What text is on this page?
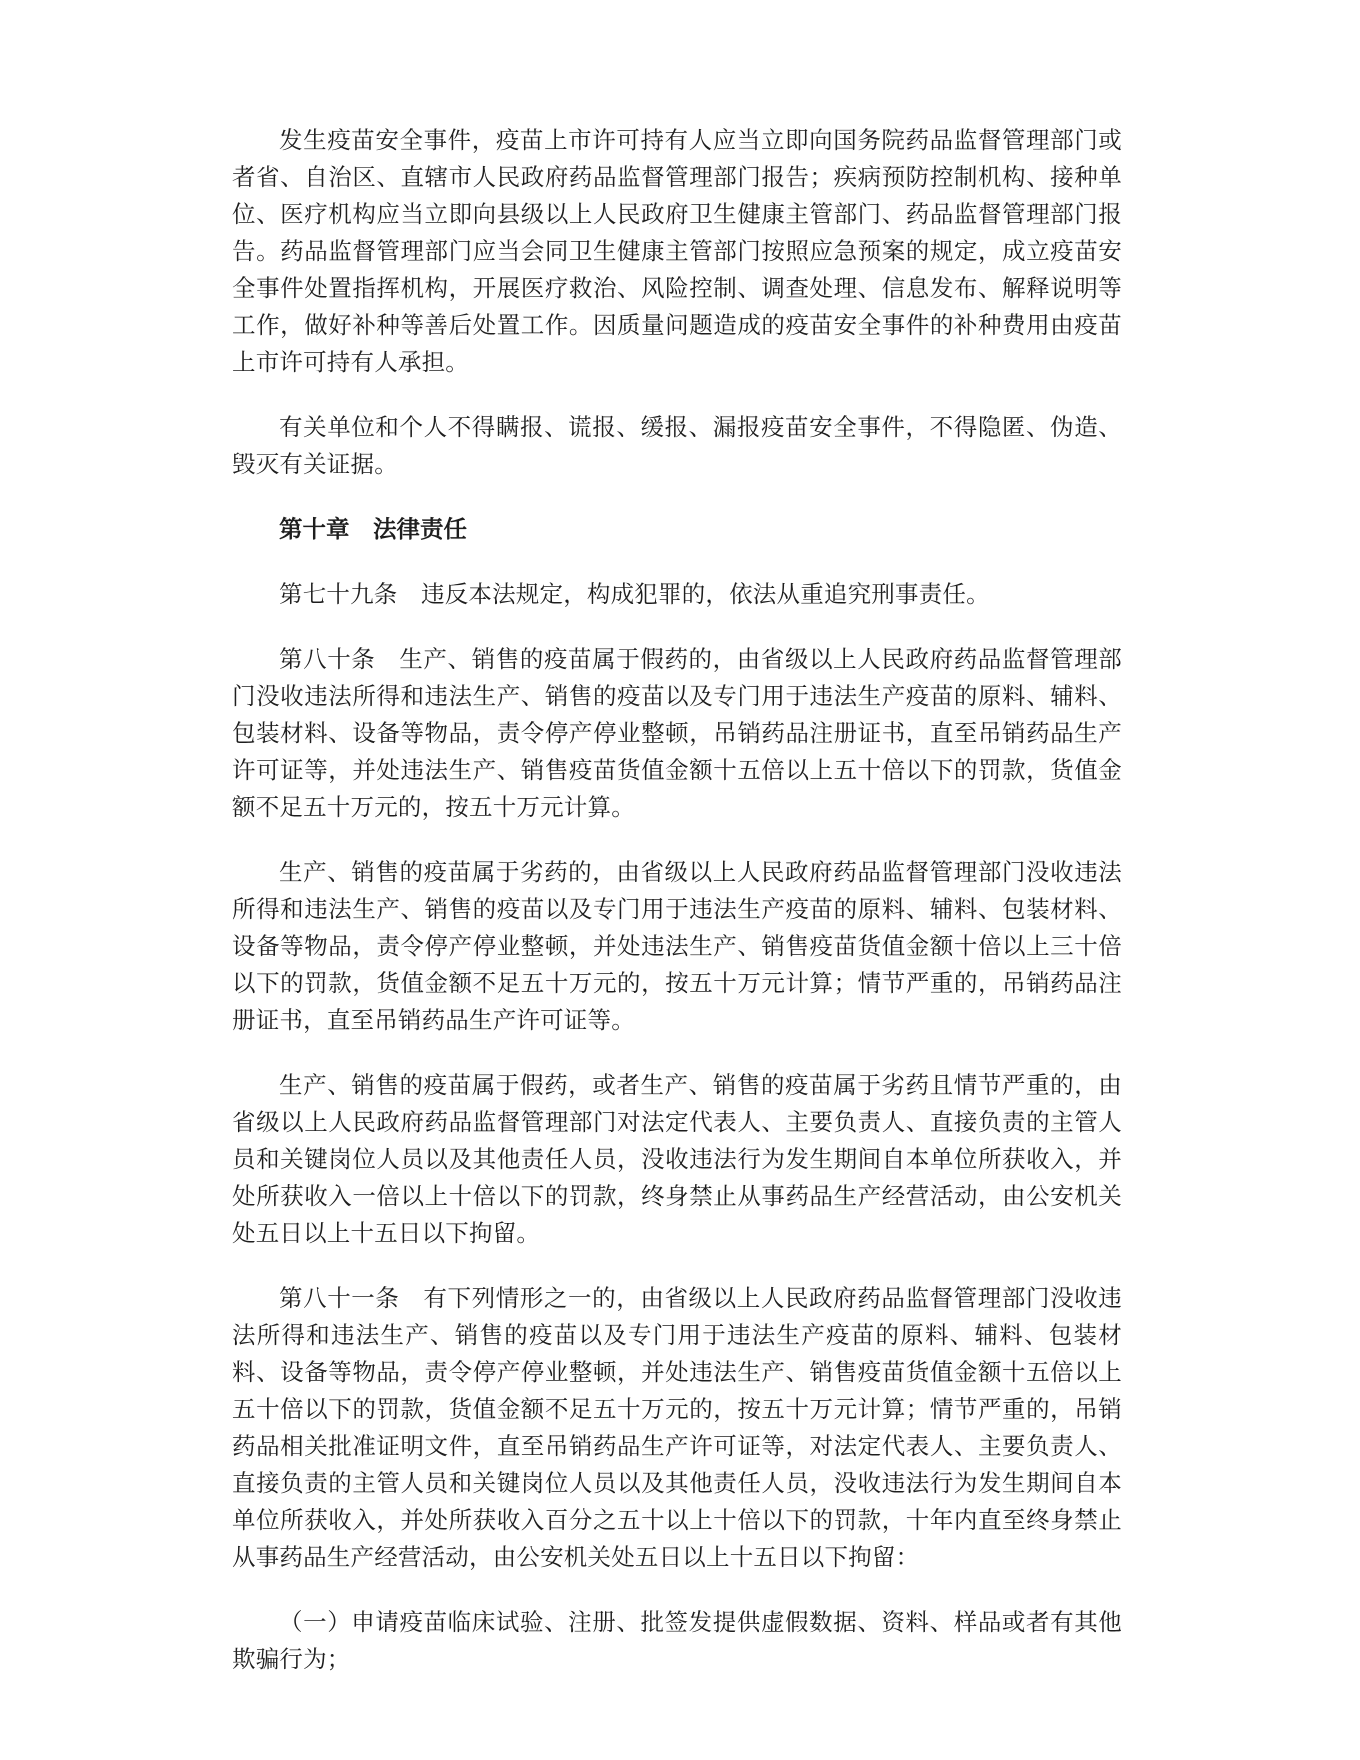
发生疫苗安全事件，疫苗上市许可持有人应当立即向国务院药品监督管理部门或者省、自治区、直辖市人民政府药品监督管理部门报告；疾病预防控制机构、接种单位、医疗机构应当立即向县级以上人民政府卫生健康主管部门、药品监督管理部门报告。药品监督管理部门应当会同卫生健康主管部门按照应急预案的规定，成立疫苗安全事件处置指挥机构，开展医疗救治、风险控制、调查处理、信息发布、解释说明等工作，做好补种等善后处置工作。因质量问题造成的疫苗安全事件的补种费用由疫苗上市许可持有人承担。

有关单位和个人不得瞒报、谎报、缓报、漏报疫苗安全事件，不得隐匿、伪造、毁灭有关证据。

第十章 法律责任

第七十九条 违反本法规定，构成犯罪的，依法从重追究刑事责任。

第八十条 生产、销售的疫苗属于假药的，由省级以上人民政府药品监督管理部门没收违法所得和违法生产、销售的疫苗以及专门用于违法生产疫苗的原料、辅料、包装材料、设备等物品，责令停产停业整顿，吊销药品注册证书，直至吊销药品生产许可证等，并处违法生产、销售疫苗货值金额十五倍以上五十倍以下的罚款，货值金额不足五十万元的，按五十万元计算。

生产、销售的疫苗属于劣药的，由省级以上人民政府药品监督管理部门没收违法所得和违法生产、销售的疫苗以及专门用于违法生产疫苗的原料、辅料、包装材料、设备等物品，责令停产停业整顿，并处违法生产、销售疫苗货值金额十倍以上三十倍以下的罚款，货值金额不足五十万元的，按五十万元计算；情节严重的，吊销药品注册证书，直至吊销药品生产许可证等。

生产、销售的疫苗属于假药，或者生产、销售的疫苗属于劣药且情节严重的，由省级以上人民政府药品监督管理部门对法定代表人、主要负责人、直接负责的主管人员和关键岗位人员以及其他责任人员，没收违法行为发生期间自本单位所获收入，并处所获收入一倍以上十倍以下的罚款，终身禁止从事药品生产经营活动，由公安机关处五日以上十五日以下拘留。

第八十一条 有下列情形之一的，由省级以上人民政府药品监督管理部门没收违法所得和违法生产、销售的疫苗以及专门用于违法生产疫苗的原料、辅料、包装材料、设备等物品，责令停产停业整顿，并处违法生产、销售疫苗货值金额十五倍以上五十倍以下的罚款，货值金额不足五十万元的，按五十万元计算；情节严重的，吊销药品相关批准证明文件，直至吊销药品生产许可证等，对法定代表人、主要负责人、直接负责的主管人员和关键岗位人员以及其他责任人员，没收违法行为发生期间自本单位所获收入，并处所获收入百分之五十以上十倍以下的罚款，十年内直至终身禁止从事药品生产经营活动，由公安机关处五日以上十五日以下拘留：

（一）申请疫苗临床试验、注册、批签发提供虚假数据、资料、样品或者有其他欺骗行为；
